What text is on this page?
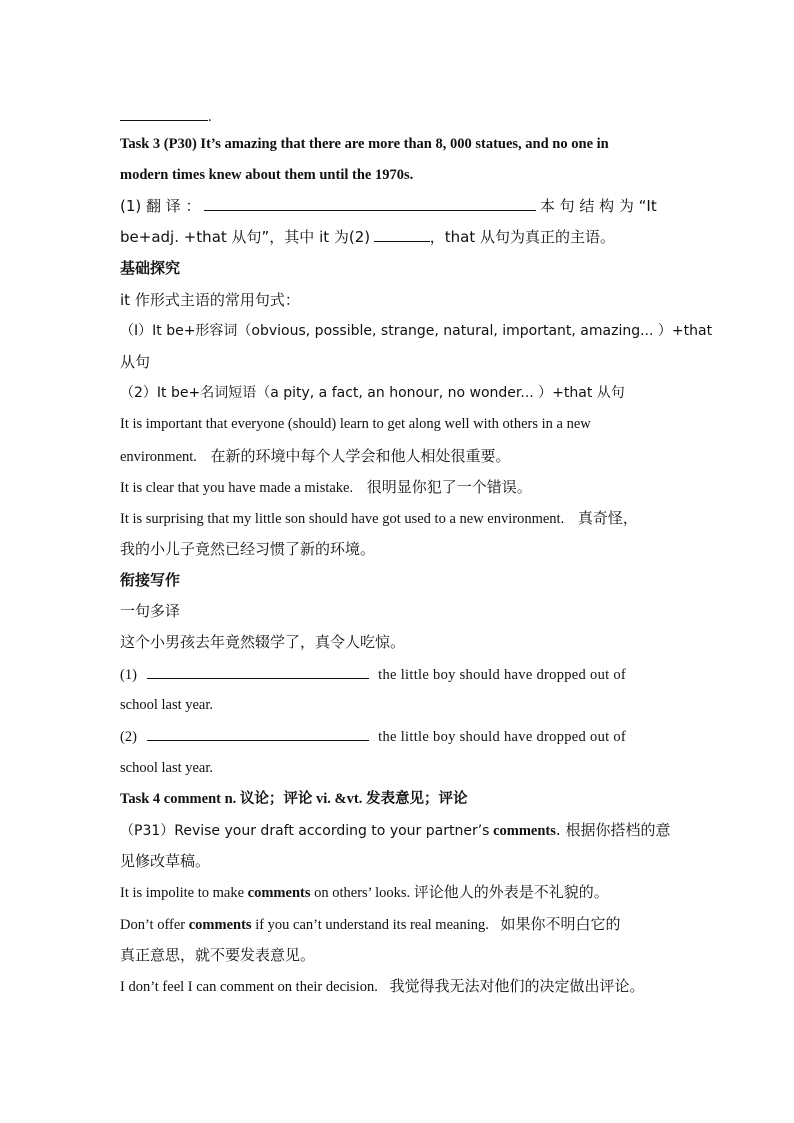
.
Task 3 (P30) It’s amazing that there are more than 8, 000 statues, and no one in
modern times knew about them until the 1970s.
(1) 翻 译 ：	本 句 结 构 为 “It
be+adj. +that 从句”，其中 it 为(2)	，that 从句为真正的主语。
基础探究
it 作形式主语的常用句式：
（I）It be+形容词（obvious, possible, strange, natural, important, amazing... ）+that
从句
（2）It be+名词短语（a pity, a fact, an honour, no wonder... ）+that 从句
It is important that everyone (should) learn to get along well with others in a new
environment. 在新的环境中每个人学会和他人相处很重要。
It is clear that you have made a mistake. 很明显你犯了一个错误。
It is surprising that my little son should have got used to a new environment. 真奇怪，
我的小儿子竟然已经习惯了新的环境。
衔接写作
一句多译
这个小男孩去年竟然辍学了，真令人吃惊。
(1)	the little boy should have dropped out of
school last year.
(2)	the little boy should have dropped out of
school last year.
Task 4 comment n. 议论；评论 vi. &vt. 发表意见；评论
（P31）Revise your draft according to your partner’s comments. 根据你搭档的意
见修改草稿。
It is impolite to make comments on others’ looks. 评论他人的外表是不礼貌的。
Don’t offer comments if you can’t understand its real meaning. 如果你不明白它的
真正意思，就不要发表意见。
I don’t feel I can comment on their decision. 我觉得我无法对他们的决定做出评论。
